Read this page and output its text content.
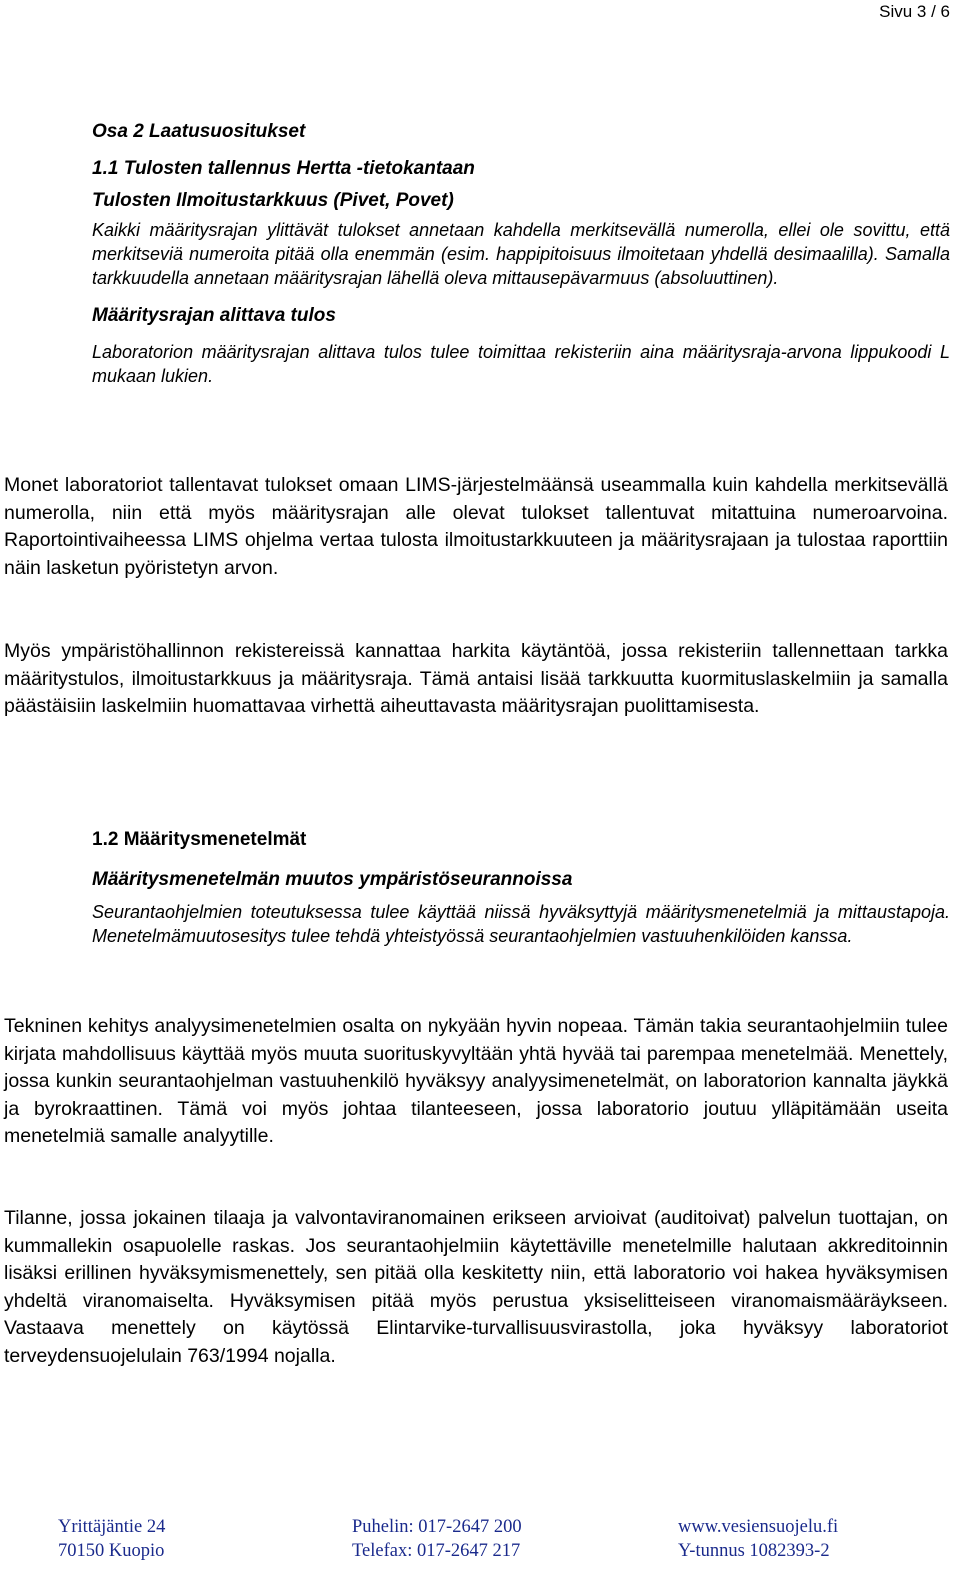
Sivu 3 / 6
Osa 2 Laatusuositukset
1.1 Tulosten tallennus Hertta -tietokantaan
Tulosten Ilmoitustarkkuus (Pivet, Povet)

Kaikki määritysrajan ylittävät tulokset annetaan kahdella merkitsevällä numerolla, ellei ole sovittu, että merkitseviä numeroita pitää olla enemmän (esim. happipitoisuus ilmoitetaan yhdellä desimaalilla). Samalla tarkkuudella annetaan määritysrajan lähellä oleva mittausepävarmuus (absoluuttinen).

Määritysrajan alittava tulos

Laboratorion määritysrajan alittava tulos tulee toimittaa rekisteriin aina määritysraja-arvona lippukoodi L mukaan lukien.

Monet laboratoriot tallentavat tulokset omaan LIMS-järjestelmäänsä useammalla kuin kahdella merkitsevällä numerolla, niin että myös määritysrajan alle olevat tulokset tallentuvat mitattuina numeroarvoina. Raportointivaiheessa LIMS ohjelma vertaa tulosta ilmoitustarkkuuteen ja määritysrajaan ja tulostaa raporttiin näin lasketun pyöristetyn arvon.

Myös ympäristöhallinnon rekistereissä kannattaa harkita käytäntöä, jossa rekisteriin tallennettaan tarkka määritystulos, ilmoitustarkkuus ja määritysraja. Tämä antaisi lisää tarkkuutta kuormituslaskelmiin ja samalla päästäisiin laskelmiin huomattavaa virhettä aiheuttavasta määritysrajan puolittamisesta.

1.2 Määritysmenetelmät
Määritysmenetelmän muutos ympäristöseurannoissa

Seurantaohjelmien toteutuksessa tulee käyttää niissä hyväksyttyjä määritysmenetelmiä ja mittaustapoja. Menetelmämuutosesitys tulee tehdä yhteistyössä seurantaohjelmien vastuuhenkilöiden kanssa.

Tekninen kehitys analyysimenetelmien osalta on nykyään hyvin nopeaa. Tämän takia seurantaohjelmiin tulee kirjata mahdollisuus käyttää myös muuta suorituskyvyltään yhtä hyvää tai parempaa menetelmää. Menettely, jossa kunkin seurantaohjelman vastuuhenkilö hyväksyy analyysimenetelmät, on laboratorion kannalta jäykkä ja byrokraattinen. Tämä voi myös johtaa tilanteeseen, jossa laboratorio joutuu ylläpitämään useita menetelmiä samalle analyytille.

Tilanne, jossa jokainen tilaaja ja valvontaviranomainen erikseen arvioivat (auditoivat) palvelun tuottajan, on kummallekin osapuolelle raskas. Jos seurantaohjelmiin käytettäville menetelmille halutaan akkreditoinnin lisäksi erillinen hyväksymismenettely, sen pitää olla keskitetty niin, että laboratorio voi hakea hyväksymisen yhdeltä viranomaiselta. Hyväksymisen pitää myös perustua yksiselitteiseen viranomaismääräykseen. Vastaava menettely on käytössä Elintarvike-turvallisuusvirastolla, joka hyväksyy laboratoriot terveydensuojelulain 763/1994 nojalla.

Yrittäjäntie 24
70150 Kuopio
Puhelin: 017-2647 200
Telefax: 017-2647 217
www.vesiensuojelu.fi
Y-tunnus 1082393-2
